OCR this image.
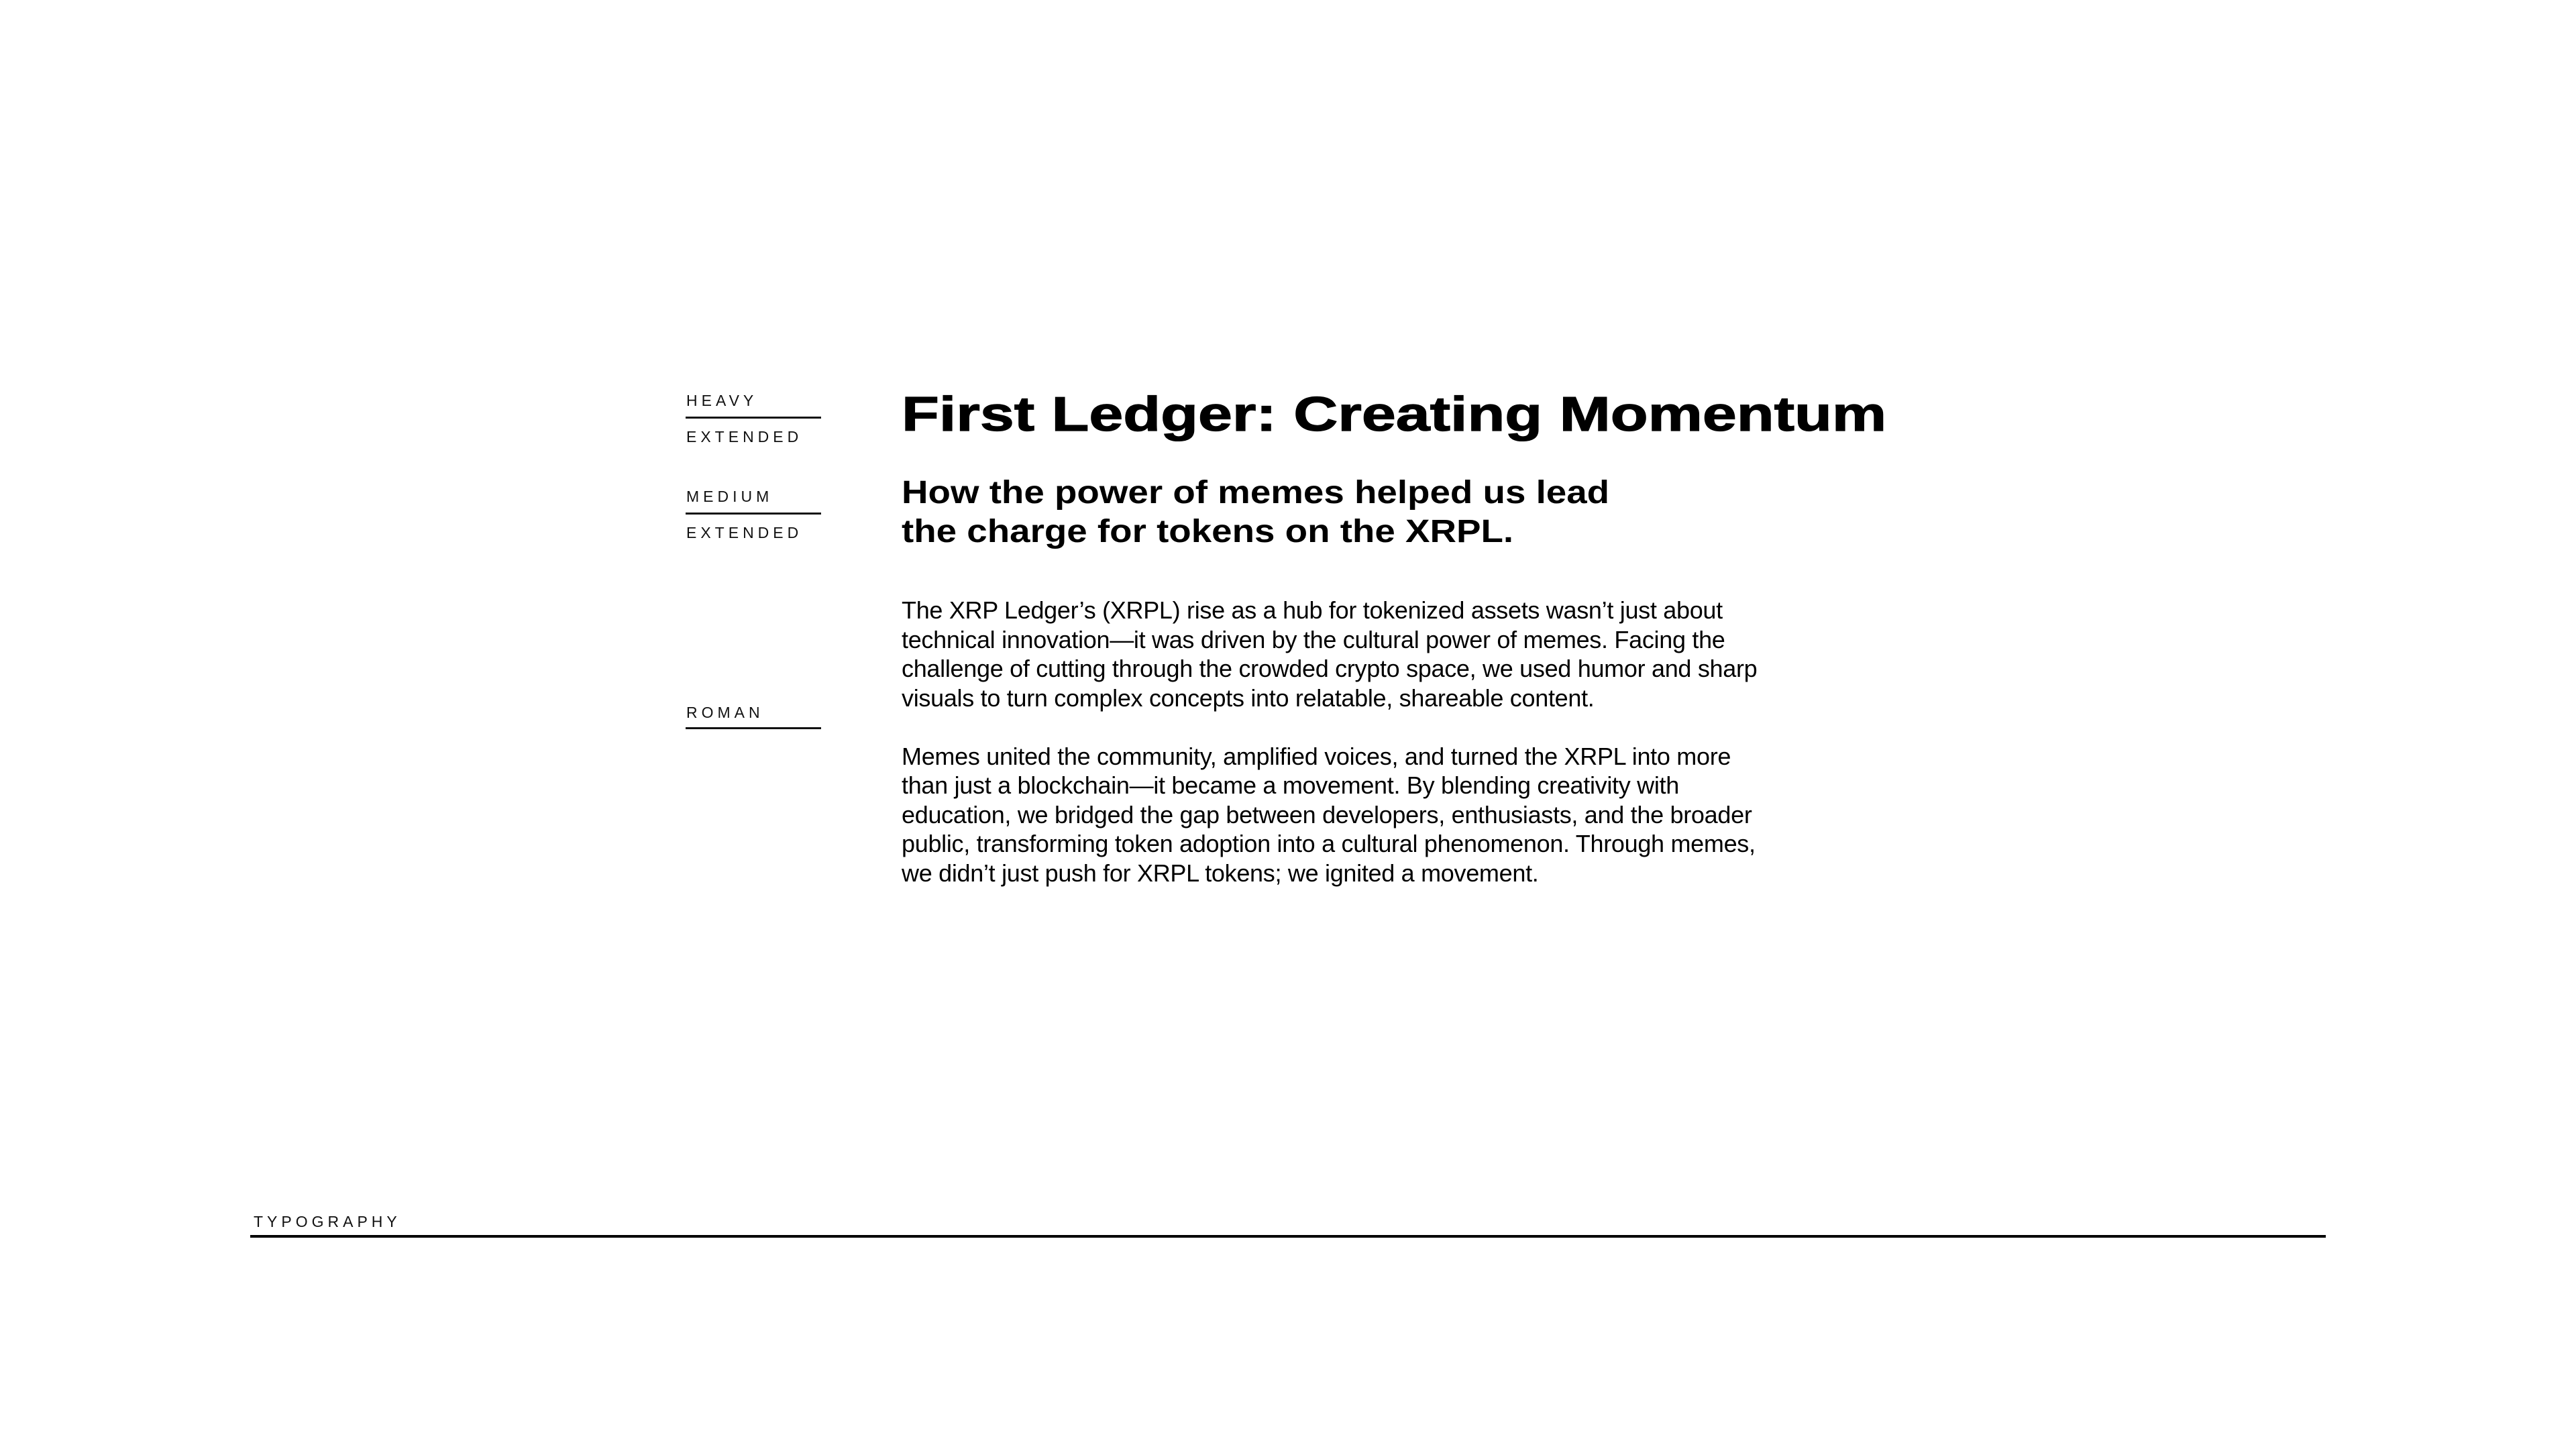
HEAVY
EXTENDED
MEDIUM
EXTENDED
ROMAN
First Ledger: Creating Momentum
How the power of memes helped us lead
the charge for tokens on the XRPL.

The XRP Ledger’s (XRPL) rise as a hub for tokenized assets wasn’t just about
technical innovation—it was driven by the cultural power of memes. Facing the
challenge of cutting through the crowded crypto space, we used humor and sharp
visuals to turn complex concepts into relatable, shareable content.

Memes united the community, amplified voices, and turned the XRPL into more
than just a blockchain—it became a movement. By blending creativity with
education, we bridged the gap between developers, enthusiasts, and the broader
public, transforming token adoption into a cultural phenomenon. Through memes,
we didn’t just push for XRPL tokens; we ignited a movement.

TYPOGRAPHY
